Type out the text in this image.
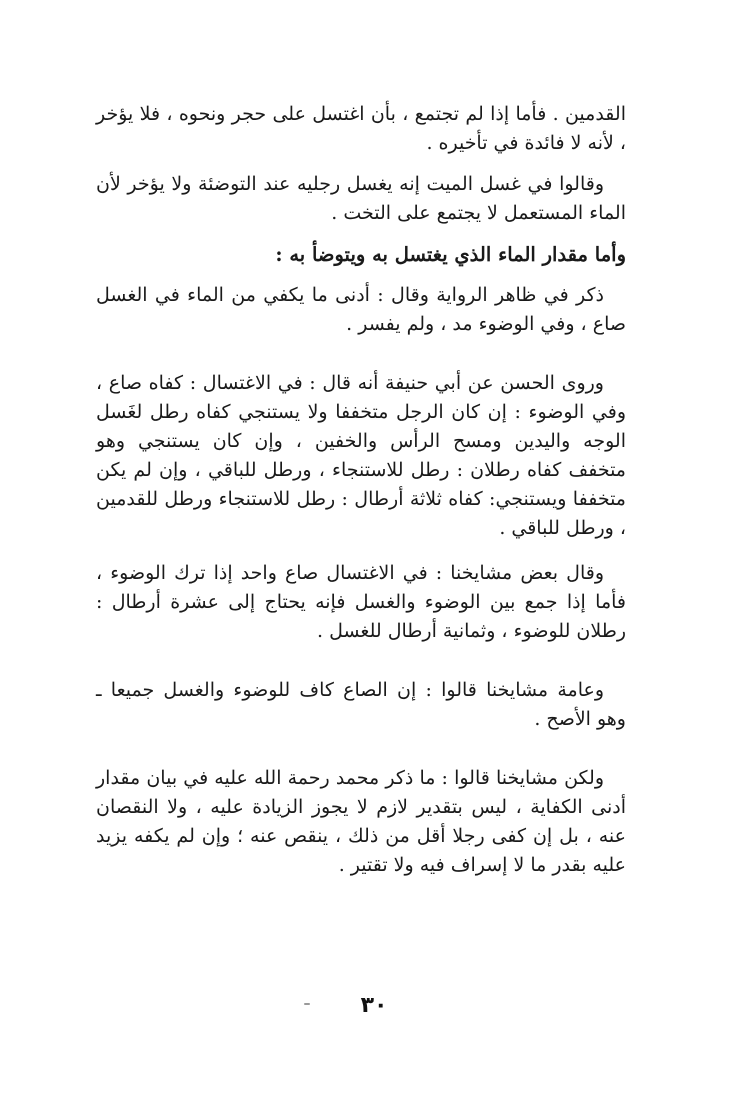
القدمين . فأما إذا لم تجتمع ، بأن اغتسل على حجر ونحوه ، فلا يؤخر ، لأنه لا فائدة في تأخيره .

وقالوا في غسل الميت إنه يغسل رجليه عند التوضئة ولا يؤخر لأن الماء المستعمل لا يجتمع على التخت .

وأما مقدار الماء الذي يغتسل به ويتوضأ به :

ذكر في ظاهر الرواية وقال : أدنى ما يكفي من الماء في الغسل صاع ، وفي الوضوء مد ، ولم يفسر .

وروى الحسن عن أبي حنيفة أنه قال : في الاغتسال : كفاه صاع ، وفي الوضوء : إن كان الرجل متخففا ولا يستنجي كفاه رطل لغَسل الوجه واليدين ومسح الرأس والخفين ، وإن كان يستنجي وهو متخفف كفاه رطلان : رطل للاستنجاء ، ورطل للباقي ، وإن لم يكن متخففا ويستنجي: كفاه ثلاثة أرطال : رطل للاستنجاء ورطل للقدمين ، ورطل للباقي .

وقال بعض مشايخنا : في الاغتسال صاع واحد إذا ترك الوضوء ، فأما إذا جمع بين الوضوء والغسل فإنه يحتاج إلى عشرة أرطال : رطلان للوضوء ، وثمانية أرطال للغسل .

وعامة مشايخنا قالوا : إن الصاع كاف للوضوء والغسل جميعا ـ وهو الأصح .

ولكن مشايخنا قالوا : ما ذكر محمد رحمة الله عليه في بيان مقدار أدنى الكفاية ، ليس بتقدير لازم لا يجوز الزيادة عليه ، ولا النقصان عنه ، بل إن كفى رجلا أقل من ذلك ، ينقص عنه ؛ وإن لم يكفه يزيد عليه بقدر ما لا إسراف فيه ولا تقتير .

٣٠
